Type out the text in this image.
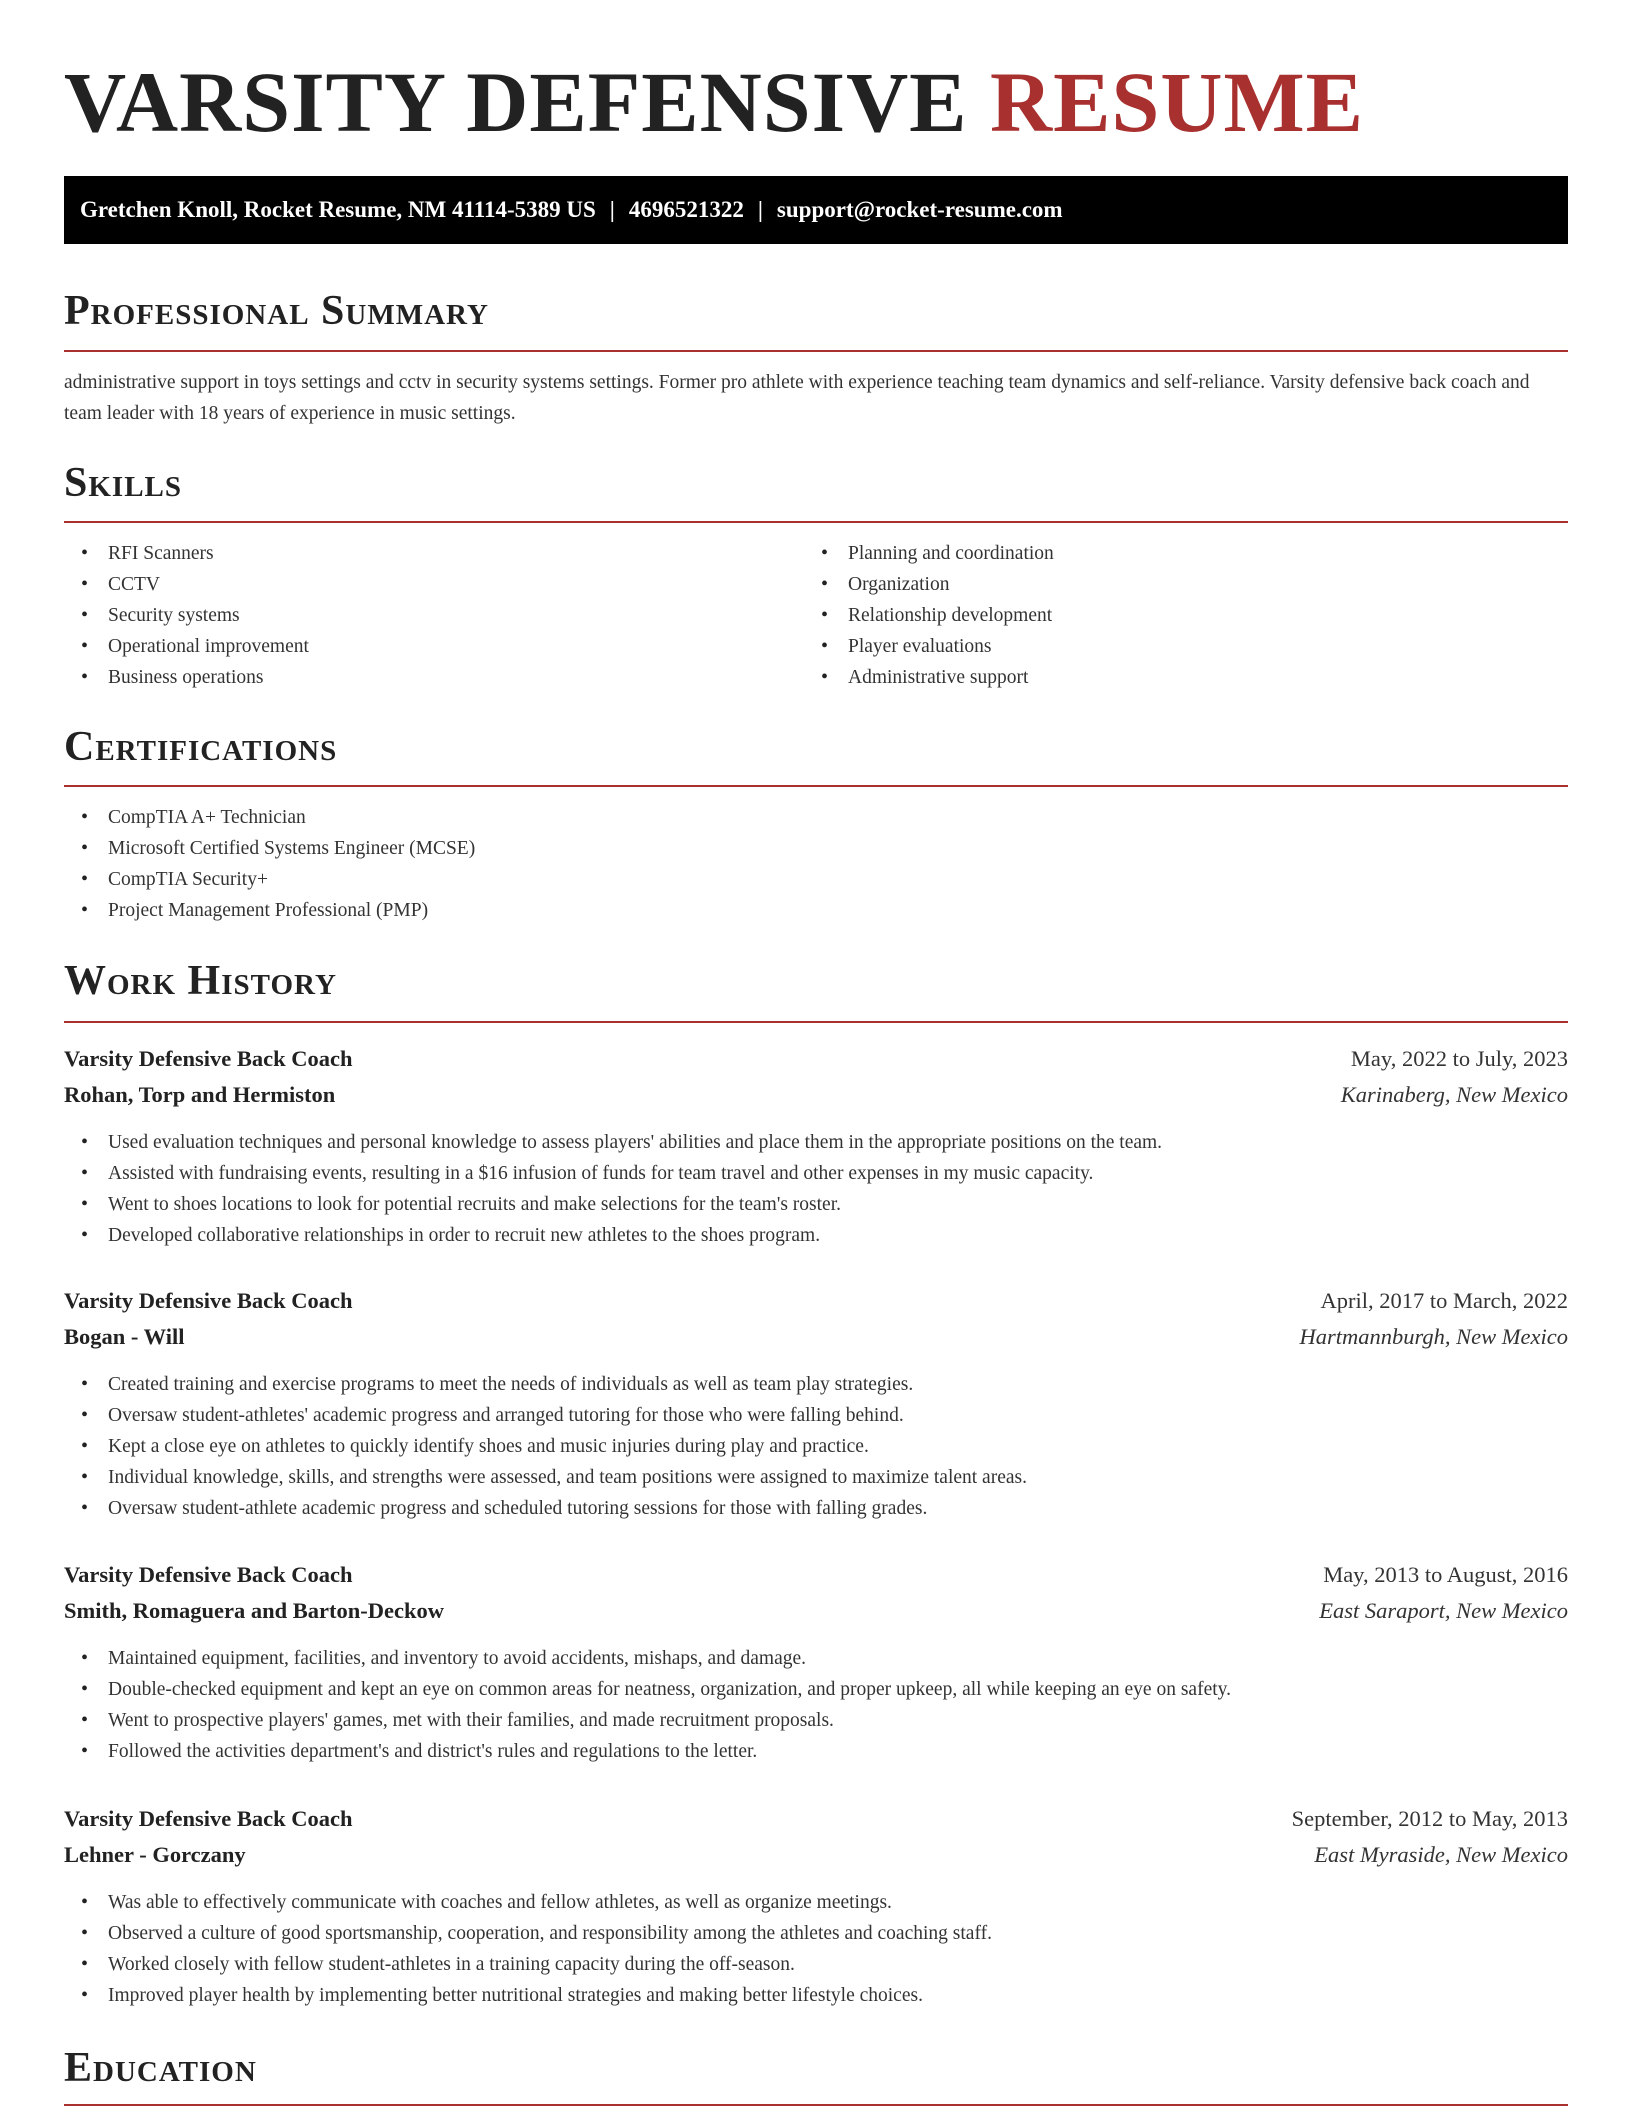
VARSITY DEFENSIVE RESUME
Gretchen Knoll, Rocket Resume, NM 41114-5389 US | 4696521322 | support@rocket-resume.com
Professional Summary

administrative support in toys settings and cctv in security systems settings. Former pro athlete with experience teaching team dynamics and self-reliance. Varsity defensive back coach and team leader with 18 years of experience in music settings.

Skills
• RFI Scanners
• CCTV
• Security systems
• Operational improvement
• Business operations
• Planning and coordination
• Organization
• Relationship development
• Player evaluations
• Administrative support
Certifications
• CompTIA A+ Technician
• Microsoft Certified Systems Engineer (MCSE)
• CompTIA Security+
• Project Management Professional (PMP)
Work History
Varsity Defensive Back Coach	May, 2022 to July, 2023
Rohan, Torp and Hermiston	Karinaberg, New Mexico
• Used evaluation techniques and personal knowledge to assess players' abilities and place them in the appropriate positions on the team.
• Assisted with fundraising events, resulting in a $16 infusion of funds for team travel and other expenses in my music capacity.
• Went to shoes locations to look for potential recruits and make selections for the team's roster.
• Developed collaborative relationships in order to recruit new athletes to the shoes program.
Varsity Defensive Back Coach	April, 2017 to March, 2022
Bogan - Will	Hartmannburgh, New Mexico
• Created training and exercise programs to meet the needs of individuals as well as team play strategies.
• Oversaw student-athletes' academic progress and arranged tutoring for those who were falling behind.
• Kept a close eye on athletes to quickly identify shoes and music injuries during play and practice.
• Individual knowledge, skills, and strengths were assessed, and team positions were assigned to maximize talent areas.
• Oversaw student-athlete academic progress and scheduled tutoring sessions for those with falling grades.
Varsity Defensive Back Coach	May, 2013 to August, 2016
Smith, Romaguera and Barton-Deckow	East Saraport, New Mexico
• Maintained equipment, facilities, and inventory to avoid accidents, mishaps, and damage.
• Double-checked equipment and kept an eye on common areas for neatness, organization, and proper upkeep, all while keeping an eye on safety.
• Went to prospective players' games, met with their families, and made recruitment proposals.
• Followed the activities department's and district's rules and regulations to the letter.
Varsity Defensive Back Coach	September, 2012 to May, 2013
Lehner - Gorczany	East Myraside, New Mexico
• Was able to effectively communicate with coaches and fellow athletes, as well as organize meetings.
• Observed a culture of good sportsmanship, cooperation, and responsibility among the athletes and coaching staff.
• Worked closely with fellow student-athletes in a training capacity during the off-season.
• Improved player health by implementing better nutritional strategies and making better lifestyle choices.
Education
